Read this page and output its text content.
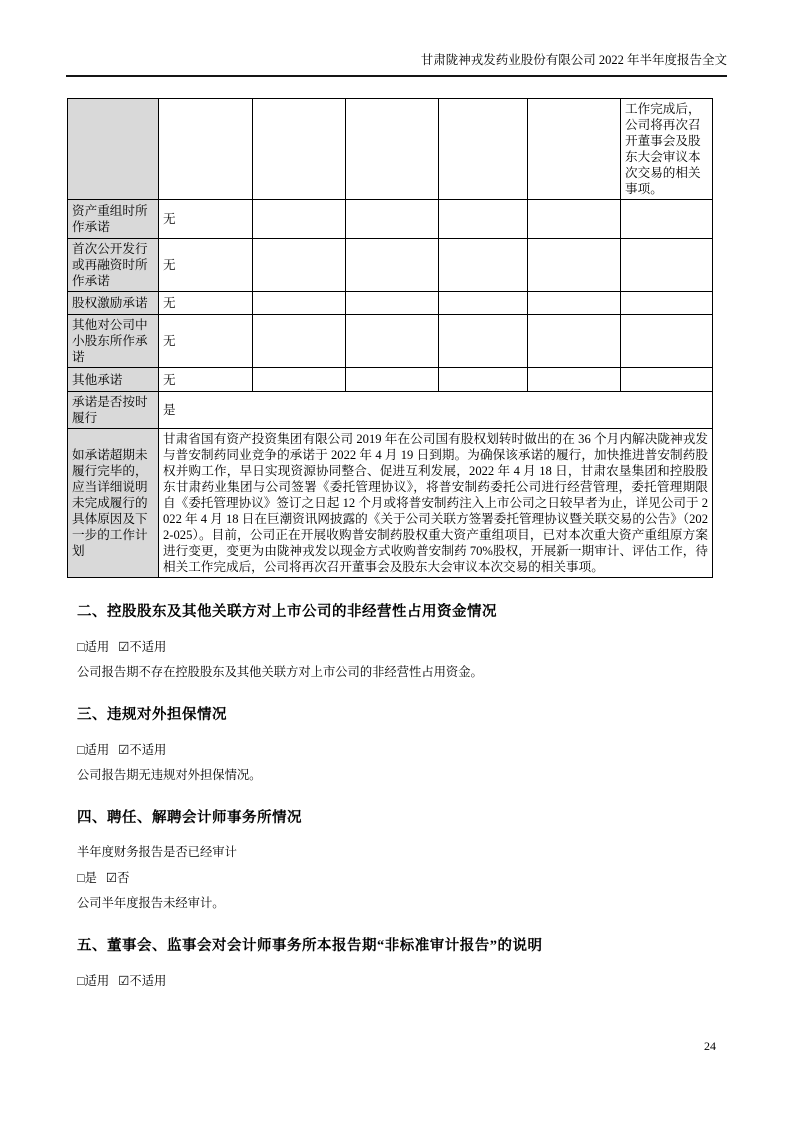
甘肃陇神戎发药业股份有限公司 2022 年半年度报告全文
						工作完成后，公司将再次召开董事会及股东大会审议本次交易的相关事项。
资产重组时所作承诺	无					
首次公开发行或再融资时所作承诺	无					
股权激励承诺	无					
其他对公司中小股东所作承诺	无					
其他承诺	无					
承诺是否按时履行	是					
如承诺超期未履行完毕的，应当详细说明未完成履行的具体原因及下一步的工作计划	甘肃省国有资产投资集团有限公司 2019 年在公司国有股权划转时做出的在 36 个月内解决陇神戎发与普安制药同业竞争的承诺于 2022 年 4 月 19 日到期。为确保该承诺的履行，加快推进普安制药股权并购工作，早日实现资源协同整合、促进互利发展，2022 年 4 月 18 日，甘肃农垦集团和控股股东甘肃药业集团与公司签署《委托管理协议》，将普安制药委托公司进行经营管理，委托管理期限自《委托管理协议》签订之日起 12 个月或将普安制药注入上市公司之日较早者为止，详见公司于 2022 年 4 月 18 日在巨潮资讯网披露的《关于公司关联方签署委托管理协议暨关联交易的公告》（2022-025）。目前，公司正在开展收购普安制药股权重大资产重组项目，已对本次重大资产重组原方案进行变更，变更为由陇神戎发以现金方式收购普安制药 70%股权，开展新一期审计、评估工作，待相关工作完成后，公司将再次召开董事会及股东大会审议本次交易的相关事项。					
二、控股股东及其他关联方对上市公司的非经营性占用资金情况

□适用 ☑不适用

公司报告期不存在控股股东及其他关联方对上市公司的非经营性占用资金。

三、违规对外担保情况

□适用 ☑不适用

公司报告期无违规对外担保情况。

四、聘任、解聘会计师事务所情况

半年度财务报告是否已经审计

□是 ☑否

公司半年度报告未经审计。

五、董事会、监事会对会计师事务所本报告期“非标准审计报告”的说明

□适用 ☑不适用

24
